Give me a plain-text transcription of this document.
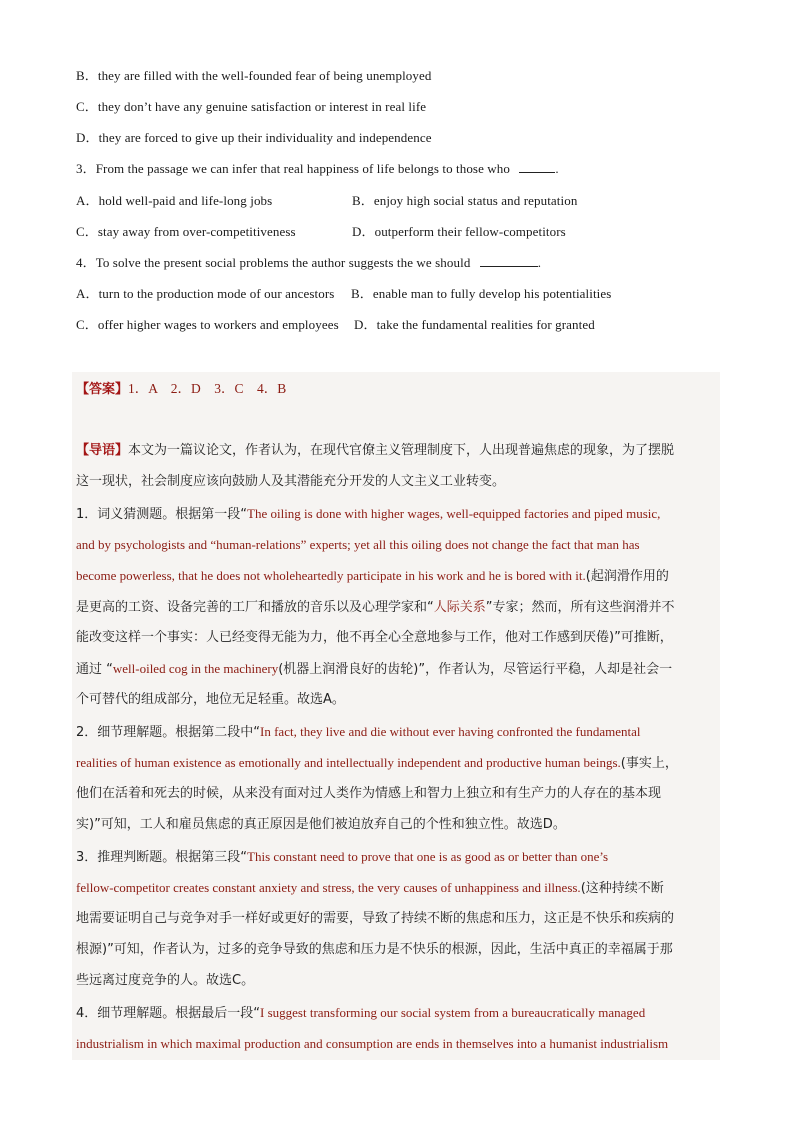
B．they are filled with the well-founded fear of being unemployed
C．they don’t have any genuine satisfaction or interest in real life
D．they are forced to give up their individuality and independence
3．From the passage we can infer that real happiness of life belongs to those who	.
A．hold well-paid and life-long jobs	B．enjoy high social status and reputation
C．stay away from over-competitiveness	D．outperform their fellow-competitors
4．To solve the present social problems the author suggests the we should	.
A．turn to the production mode of our ancestors B．enable man to fully develop his potentialities
C．offer higher wages to workers and employees D．take the fundamental realities for granted
【答案】1．A　2．D　3．C　4．B
【导语】本文为一篇议论文，作者认为，在现代官僚主义管理制度下，人出现普遍焦虑的现象，为了摆脱
这一现状，社会制度应该向鼓励人及其潜能充分开发的人文主义工业转变。
1．词义猜测题。根据第一段“The oiling is done with higher wages, well-equipped factories and piped music,
and by psychologists and “human-relations” experts; yet all this oiling does not change the fact that man has
become powerless, that he does not wholeheartedly participate in his work and he is bored with it.(起润滑作用的
是更高的工资、设备完善的工厂和播放的音乐以及心理学家和“人际关系”专家；然而，所有这些润滑并不
能改变这样一个事实：人已经变得无能为力，他不再全心全意地参与工作，他对工作感到厌倦)”可推断，
通过 “well-oiled cog in the machinery(机器上润滑良好的齿轮)”，作者认为，尽管运行平稳，人却是社会一
个可替代的组成部分，地位无足轻重。故选A。
2．细节理解题。根据第二段中“In fact, they live and die without ever having confronted the fundamental
realities of human existence as emotionally and intellectually independent and productive human beings.(事实上，
他们在活着和死去的时候，从来没有面对过人类作为情感上和智力上独立和有生产力的人存在的基本现
实)”可知，工人和雇员焦虑的真正原因是他们被迫放弃自己的个性和独立性。故选D。
3．推理判断题。根据第三段“This constant need to prove that one is as good as or better than one’s
fellow-competitor creates constant anxiety and stress, the very causes of unhappiness and illness.(这种持续不断
地需要证明自己与竞争对手一样好或更好的需要，导致了持续不断的焦虑和压力，这正是不快乐和疾病的
根源)”可知，作者认为，过多的竞争导致的焦虑和压力是不快乐的根源，因此，生活中真正的幸福属于那
些远离过度竞争的人。故选C。
4．细节理解题。根据最后一段“I suggest transforming our social system from a bureaucratically managed
industrialism in which maximal production and consumption are ends in themselves into a humanist industrialism
